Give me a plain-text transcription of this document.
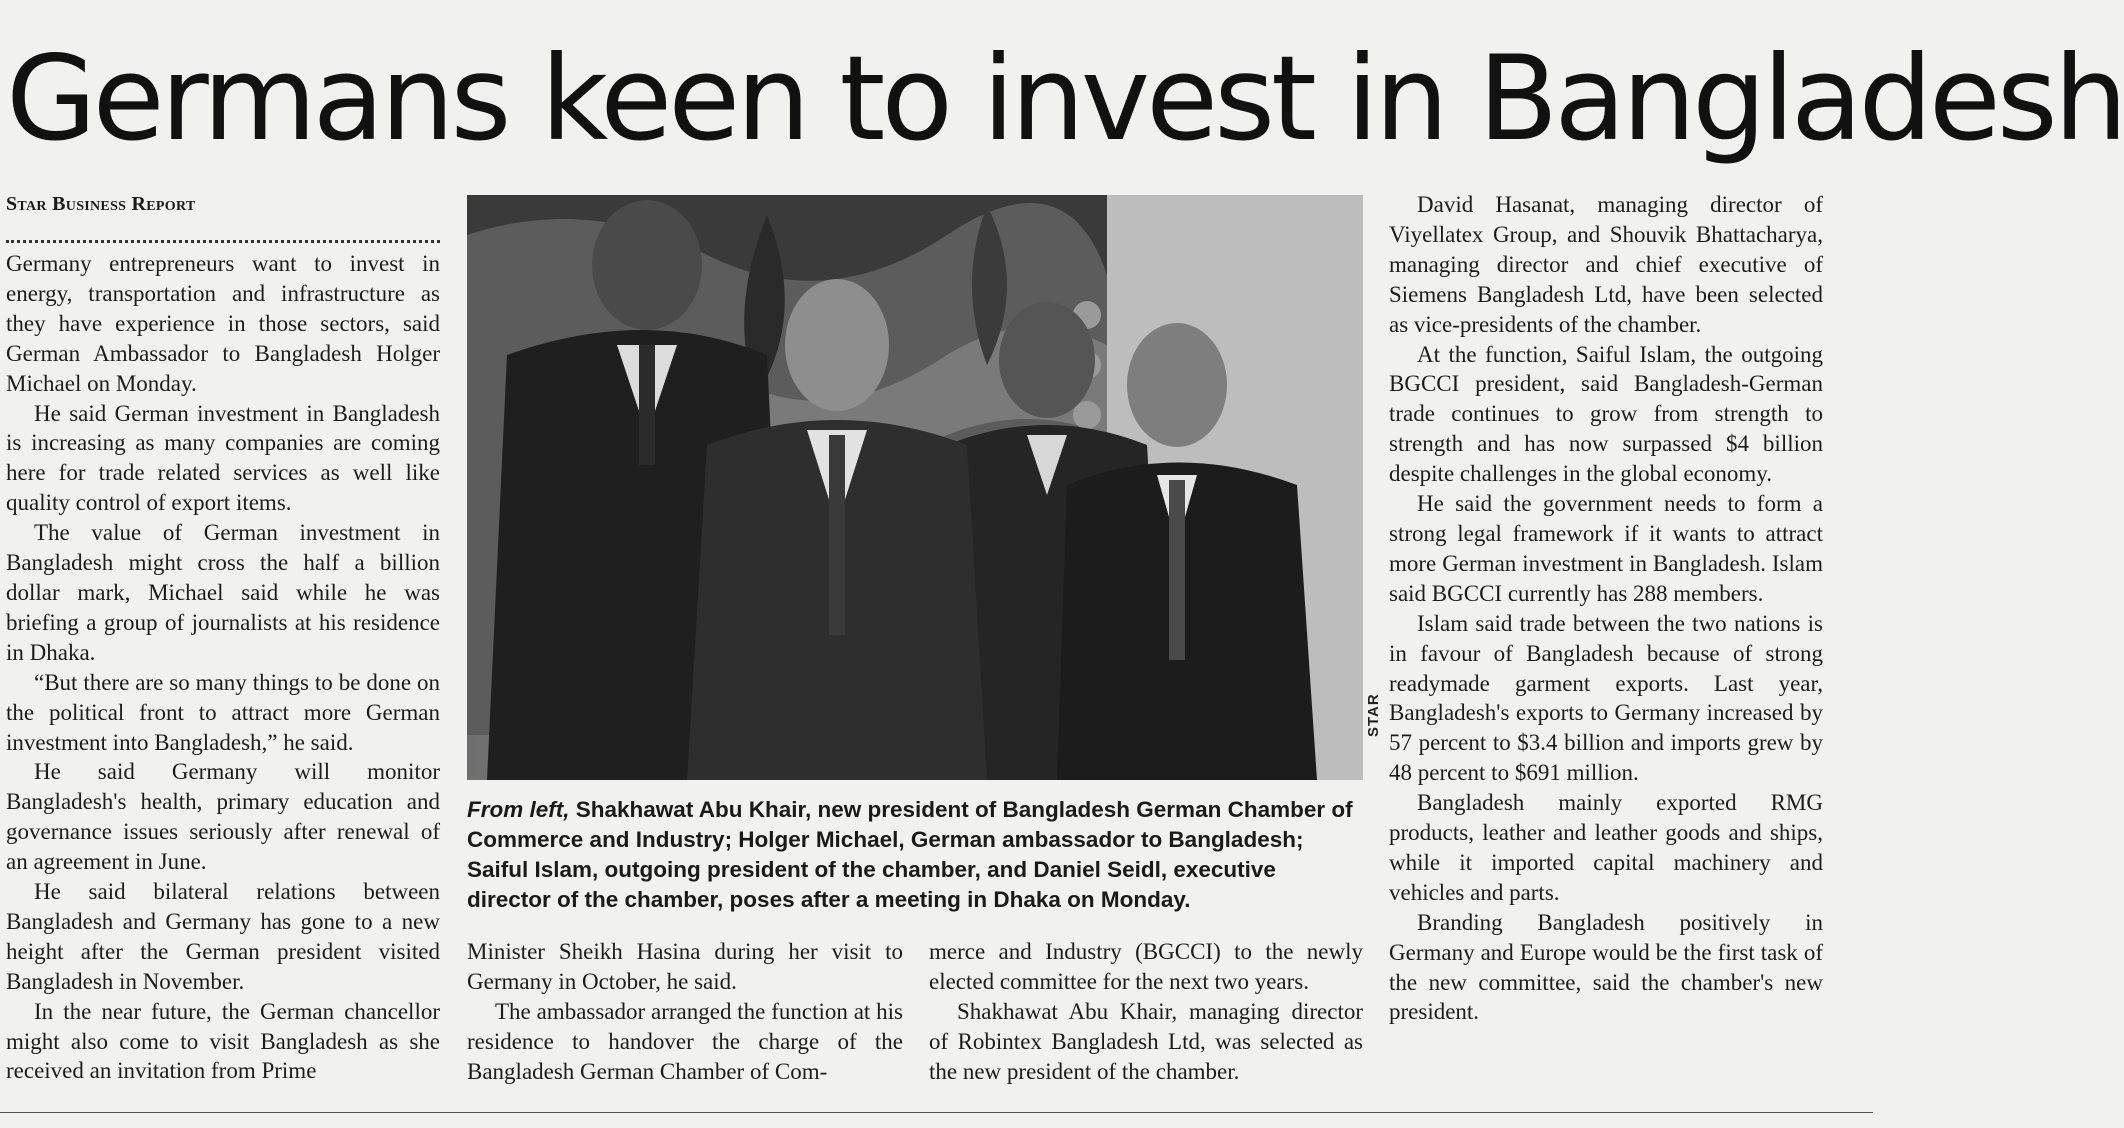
Germans keen to invest in Bangladesh
Star Business Report

Germany entrepreneurs want to invest in energy, transportation and infrastructure as they have experience in those sectors, said German Ambassador to Bangladesh Holger Michael on Monday.

He said German investment in Bangladesh is increasing as many companies are coming here for trade related services as well like quality control of export items.

The value of German investment in Bangladesh might cross the half a billion dollar mark, Michael said while he was briefing a group of journalists at his residence in Dhaka.

“But there are so many things to be done on the political front to attract more German investment into Bangladesh,” he said.

He said Germany will monitor Bangladesh's health, primary education and governance issues seriously after renewal of an agreement in June.

He said bilateral relations between Bangladesh and Germany has gone to a new height after the German president visited Bangladesh in November.

In the near future, the German chancellor might also come to visit Bangladesh as she received an invitation from Prime

STAR
From left, Shakhawat Abu Khair, new president of Bangladesh German Chamber of Commerce and Industry; Holger Michael, German ambassador to Bangladesh; Saiful Islam, outgoing president of the chamber, and Daniel Seidl, executive director of the chamber, poses after a meeting in Dhaka on Monday.

Minister Sheikh Hasina during her visit to Germany in October, he said.

The ambassador arranged the function at his residence to handover the charge of the Bangladesh German Chamber of Com-

merce and Industry (BGCCI) to the newly elected committee for the next two years.

Shakhawat Abu Khair, managing director of Robintex Bangladesh Ltd, was selected as the new president of the chamber.

David Hasanat, managing director of Viyellatex Group, and Shouvik Bhattacharya, managing director and chief executive of Siemens Bangladesh Ltd, have been selected as vice-presidents of the chamber.

At the function, Saiful Islam, the outgoing BGCCI president, said Bangladesh-German trade continues to grow from strength to strength and has now surpassed $4 billion despite challenges in the global economy.

He said the government needs to form a strong legal framework if it wants to attract more German investment in Bangladesh. Islam said BGCCI currently has 288 members.

Islam said trade between the two nations is in favour of Bangladesh because of strong readymade garment exports. Last year, Bangladesh's exports to Germany increased by 57 percent to $3.4 billion and imports grew by 48 percent to $691 million.

Bangladesh mainly exported RMG products, leather and leather goods and ships, while it imported capital machinery and vehicles and parts.

Branding Bangladesh positively in Germany and Europe would be the first task of the new committee, said the chamber's new president.
